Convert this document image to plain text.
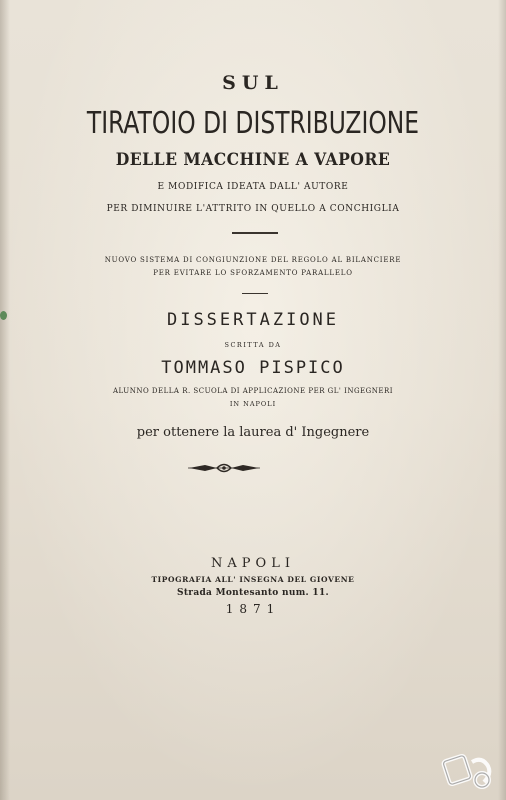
SUL
TIRATOIO DI DISTRIBUZIONE
DELLE MACCHINE A VAPORE
E MODIFICA IDEATA DALL' AUTORE
PER DIMINUIRE L'ATTRITO IN QUELLO A CONCHIGLIA
NUOVO SISTEMA DI CONGIUNZIONE DEL REGOLO AL BILANCIERE
PER EVITARE LO SFORZAMENTO PARALLELO
DISSERTAZIONE
SCRITTA DA
TOMMASO PISPICO
ALUNNO DELLA R. SCUOLA DI APPLICAZIONE PER GL' INGEGNERI
IN NAPOLI
per ottenere la laurea d' Ingegnere
NAPOLI
TIPOGRAFIA ALL' INSEGNA DEL GIOVENE
Strada Montesanto num. 11.
1871
